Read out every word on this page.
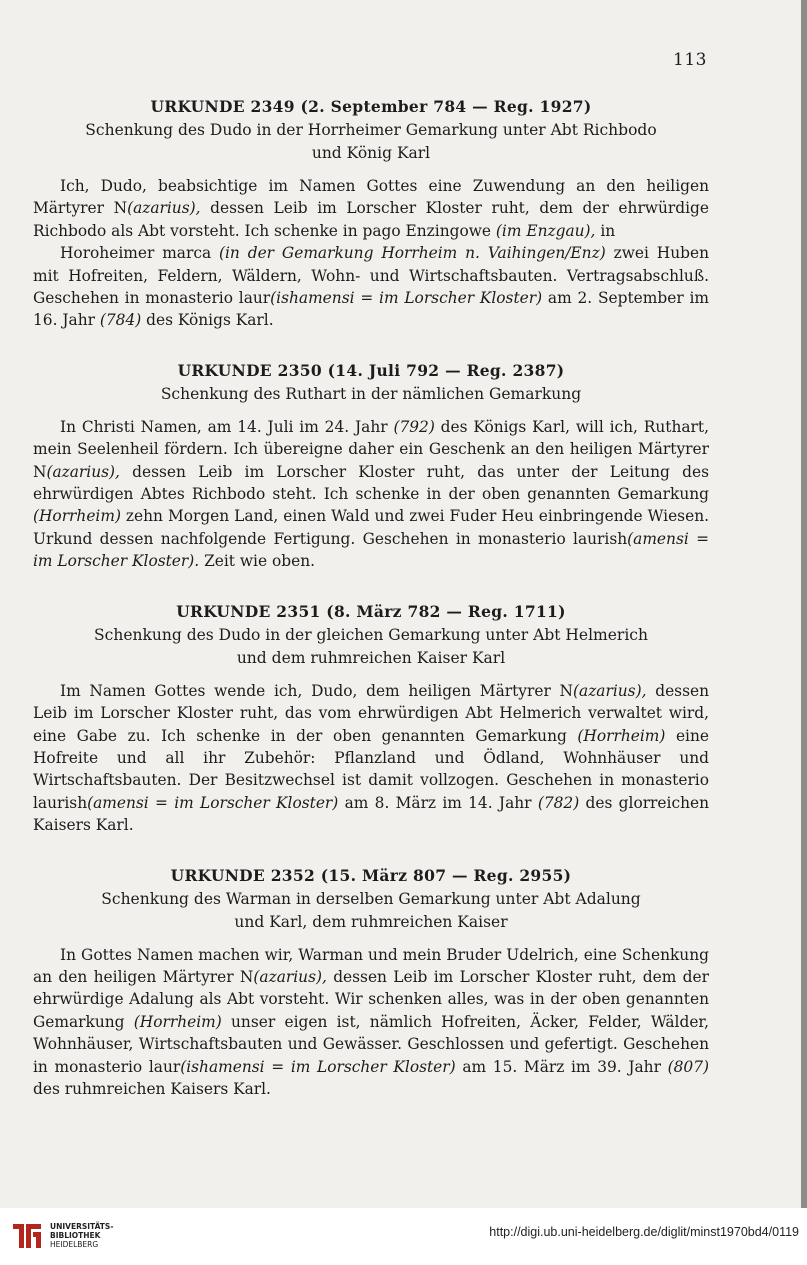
113
URKUNDE 2349 (2. September 784 — Reg. 1927)
Schenkung des Dudo in der Horrheimer Gemarkung unter Abt Richbodo
und König Karl

Ich, Dudo, beabsichtige im Namen Gottes eine Zuwendung an den heiligen Märtyrer N(azarius), dessen Leib im Lorscher Kloster ruht, dem der ehrwürdige Richbodo als Abt vorsteht. Ich schenke in pago Enzingowe (im Enzgau), in

Horoheimer marca (in der Gemarkung Horrheim n. Vaihingen/Enz) zwei Huben mit Hofreiten, Feldern, Wäldern, Wohn- und Wirtschaftsbauten. Vertragsabschluß. Geschehen in monasterio laur(ishamensi = im Lorscher Kloster) am 2. September im 16. Jahr (784) des Königs Karl.

URKUNDE 2350 (14. Juli 792 — Reg. 2387)
Schenkung des Ruthart in der nämlichen Gemarkung

In Christi Namen, am 14. Juli im 24. Jahr (792) des Königs Karl, will ich, Ruthart, mein Seelenheil fördern. Ich übereigne daher ein Geschenk an den heiligen Märtyrer N(azarius), dessen Leib im Lorscher Kloster ruht, das unter der Leitung des ehrwürdigen Abtes Richbodo steht. Ich schenke in der oben genannten Gemarkung (Horrheim) zehn Morgen Land, einen Wald und zwei Fuder Heu einbringende Wiesen. Urkund dessen nachfolgende Fertigung. Geschehen in monasterio laurish(amensi = im Lorscher Kloster). Zeit wie oben.

URKUNDE 2351 (8. März 782 — Reg. 1711)
Schenkung des Dudo in der gleichen Gemarkung unter Abt Helmerich
und dem ruhmreichen Kaiser Karl

Im Namen Gottes wende ich, Dudo, dem heiligen Märtyrer N(azarius), dessen Leib im Lorscher Kloster ruht, das vom ehrwürdigen Abt Helmerich verwaltet wird, eine Gabe zu. Ich schenke in der oben genannten Gemarkung (Horrheim) eine Hofreite und all ihr Zubehör: Pflanzland und Ödland, Wohnhäuser und Wirtschaftsbauten. Der Besitzwechsel ist damit vollzogen. Geschehen in monasterio laurish(amensi = im Lorscher Kloster) am 8. März im 14. Jahr (782) des glorreichen Kaisers Karl.

URKUNDE 2352 (15. März 807 — Reg. 2955)
Schenkung des Warman in derselben Gemarkung unter Abt Adalung
und Karl, dem ruhmreichen Kaiser

In Gottes Namen machen wir, Warman und mein Bruder Udelrich, eine Schenkung an den heiligen Märtyrer N(azarius), dessen Leib im Lorscher Kloster ruht, dem der ehrwürdige Adalung als Abt vorsteht. Wir schenken alles, was in der oben genannten Gemarkung (Horrheim) unser eigen ist, nämlich Hofreiten, Äcker, Felder, Wälder, Wohnhäuser, Wirtschaftsbauten und Gewässer. Geschlossen und gefertigt. Geschehen in monasterio laur(ishamensi = im Lorscher Kloster) am 15. März im 39. Jahr (807) des ruhmreichen Kaisers Karl.

UNIVERSITÄTS-
BIBLIOTHEK
HEIDELBERG
http://digi.ub.uni-heidelberg.de/diglit/minst1970bd4/0119
